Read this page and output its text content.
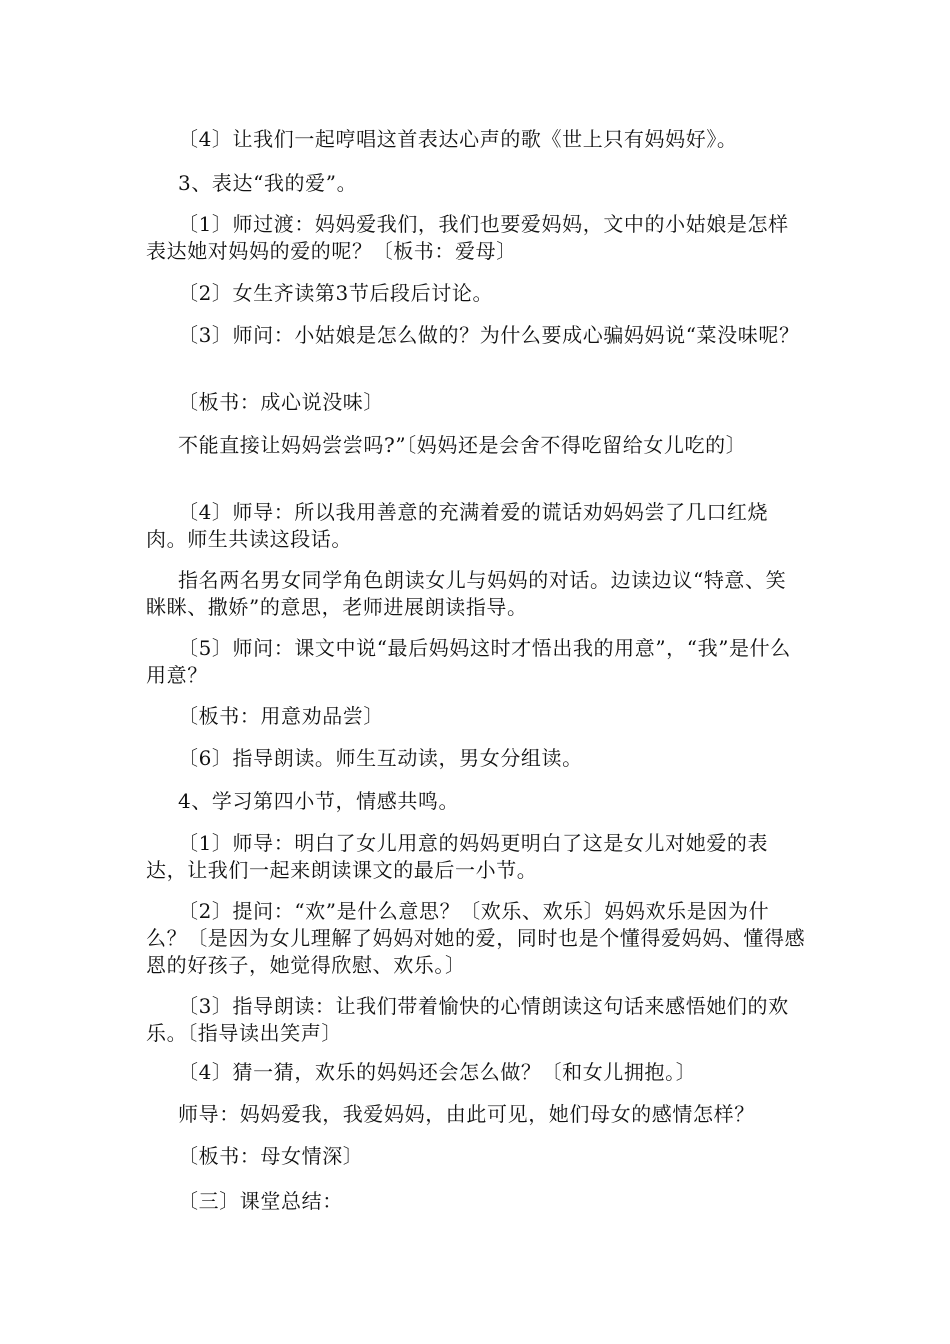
〔4〕让我们一起哼唱这首表达心声的歌《世上只有妈妈好》。

3、表达“我的爱”。

〔1〕师过渡：妈妈爱我们，我们也要爱妈妈，文中的小姑娘是怎样表达她对妈妈的爱的呢？〔板书：爱母〕

〔2〕女生齐读第3节后段后讨论。

〔3〕师问：小姑娘是怎么做的？为什么要成心骗妈妈说“菜没味呢？

〔板书：成心说没味〕

不能直接让妈妈尝尝吗?”〔妈妈还是会舍不得吃留给女儿吃的〕

〔4〕师导：所以我用善意的充满着爱的谎话劝妈妈尝了几口红烧肉。师生共读这段话。

指名两名男女同学角色朗读女儿与妈妈的对话。边读边议“特意、笑眯眯、撒娇”的意思，老师进展朗读指导。

〔5〕师问：课文中说“最后妈妈这时才悟出我的用意”，“我”是什么用意？

〔板书：用意劝品尝〕

〔6〕指导朗读。师生互动读，男女分组读。

4、学习第四小节，情感共鸣。

〔1〕师导：明白了女儿用意的妈妈更明白了这是女儿对她爱的表达，让我们一起来朗读课文的最后一小节。

〔2〕提问：“欢”是什么意思？〔欢乐、欢乐〕妈妈欢乐是因为什么？〔是因为女儿理解了妈妈对她的爱，同时也是个懂得爱妈妈、懂得感恩的好孩子，她觉得欣慰、欢乐。〕

〔3〕指导朗读：让我们带着愉快的心情朗读这句话来感悟她们的欢乐。〔指导读出笑声〕

〔4〕猜一猜，欢乐的妈妈还会怎么做？〔和女儿拥抱。〕

师导：妈妈爱我，我爱妈妈，由此可见，她们母女的感情怎样？

〔板书：母女情深〕

〔三〕课堂总结：
